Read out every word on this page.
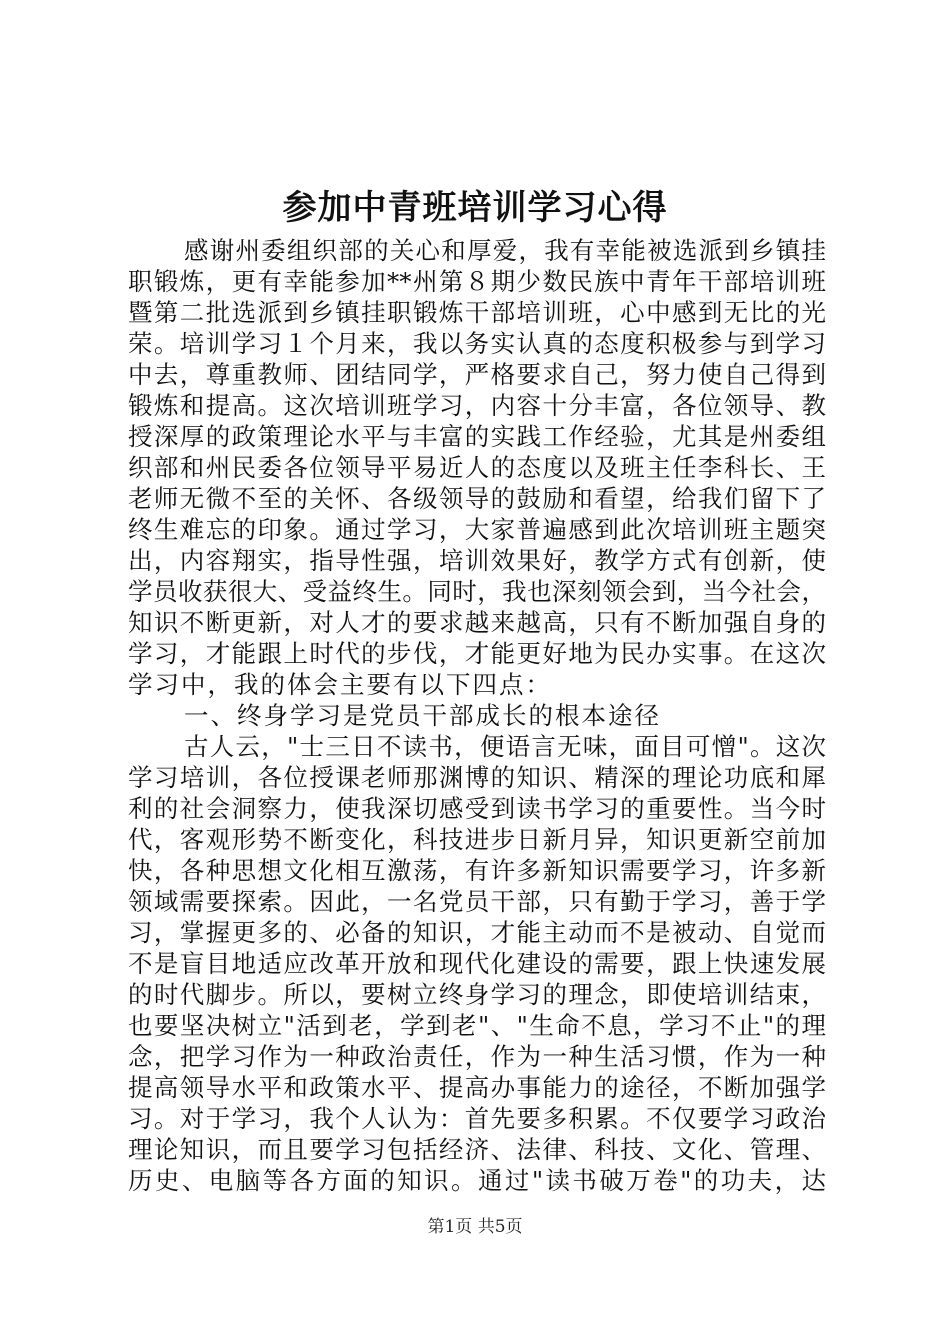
参加中青班培训学习心得
感谢州委组织部的关心和厚爱，我有幸能被选派到乡镇挂
职锻炼，更有幸能参加**州第８期少数民族中青年干部培训班
暨第二批选派到乡镇挂职锻炼干部培训班，心中感到无比的光
荣。培训学习１个月来，我以务实认真的态度积极参与到学习
中去，尊重教师、团结同学，严格要求自己，努力使自己得到
锻炼和提高。这次培训班学习，内容十分丰富，各位领导、教
授深厚的政策理论水平与丰富的实践工作经验，尤其是州委组
织部和州民委各位领导平易近人的态度以及班主任李科长、王
老师无微不至的关怀、各级领导的鼓励和看望，给我们留下了
终生难忘的印象。通过学习，大家普遍感到此次培训班主题突
出，内容翔实，指导性强，培训效果好，教学方式有创新，使
学员收获很大、受益终生。同时，我也深刻领会到，当今社会，
知识不断更新，对人才的要求越来越高，只有不断加强自身的
学习，才能跟上时代的步伐，才能更好地为民办实事。在这次
学习中，我的体会主要有以下四点：
一、终身学习是党员干部成长的根本途径
古人云，"士三日不读书，便语言无味，面目可憎"。这次
学习培训，各位授课老师那渊博的知识、精深的理论功底和犀
利的社会洞察力，使我深切感受到读书学习的重要性。当今时
代，客观形势不断变化，科技进步日新月异，知识更新空前加
快，各种思想文化相互激荡，有许多新知识需要学习，许多新
领域需要探索。因此，一名党员干部，只有勤于学习，善于学
习，掌握更多的、必备的知识，才能主动而不是被动、自觉而
不是盲目地适应改革开放和现代化建设的需要，跟上快速发展
的时代脚步。所以，要树立终身学习的理念，即使培训结束，
也要坚决树立"活到老，学到老"、"生命不息，学习不止"的理
念，把学习作为一种政治责任，作为一种生活习惯，作为一种
提高领导水平和政策水平、提高办事能力的途径，不断加强学
习。对于学习，我个人认为：首先要多积累。不仅要学习政治
理论知识，而且要学习包括经济、法律、科技、文化、管理、
历史、电脑等各方面的知识。通过"读书破万卷"的功夫，达
第1页 共5页
